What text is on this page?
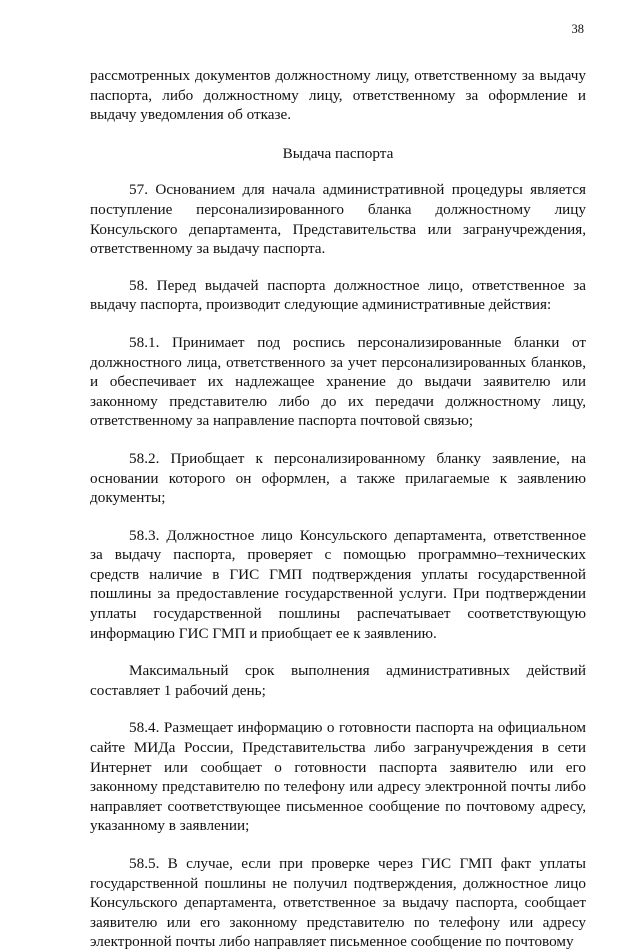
38

рассмотренных документов должностному лицу, ответственному за выдачу паспорта, либо должностному лицу, ответственному за оформление и выдачу уведомления об отказе.

Выдача паспорта

57. Основанием для начала административной процедуры является поступление персонализированного бланка должностному лицу Консульского департамента, Представительства или загранучреждения, ответственному за выдачу паспорта.

58. Перед выдачей паспорта должностное лицо, ответственное за выдачу паспорта, производит следующие административные действия:

58.1. Принимает под роспись персонализированные бланки от должностного лица, ответственного за учет персонализированных бланков, и обеспечивает их надлежащее хранение до выдачи заявителю или законному представителю либо до их передачи должностному лицу, ответственному за направление паспорта почтовой связью;

58.2. Приобщает к персонализированному бланку заявление, на основании которого он оформлен, а также прилагаемые к заявлению документы;

58.3. Должностное лицо Консульского департамента, ответственное за выдачу паспорта, проверяет с помощью программно–технических средств наличие в ГИС ГМП подтверждения уплаты государственной пошлины за предоставление государственной услуги. При подтверждении уплаты государственной пошлины распечатывает соответствующую информацию ГИС ГМП и приобщает ее к заявлению.

Максимальный срок выполнения административных действий составляет 1 рабочий день;

58.4. Размещает информацию о готовности паспорта на официальном сайте МИДа России, Представительства либо загранучреждения в сети Интернет или сообщает о готовности паспорта заявителю или его законному представителю по телефону или адресу электронной почты либо направляет соответствующее письменное сообщение по почтовому адресу, указанному в заявлении;

58.5. В случае, если при проверке через ГИС ГМП факт уплаты государственной пошлины не получил подтверждения, должностное лицо Консульского департамента, ответственное за выдачу паспорта, сообщает заявителю или его законному представителю по телефону или адресу электронной почты либо направляет письменное сообщение по почтовому
